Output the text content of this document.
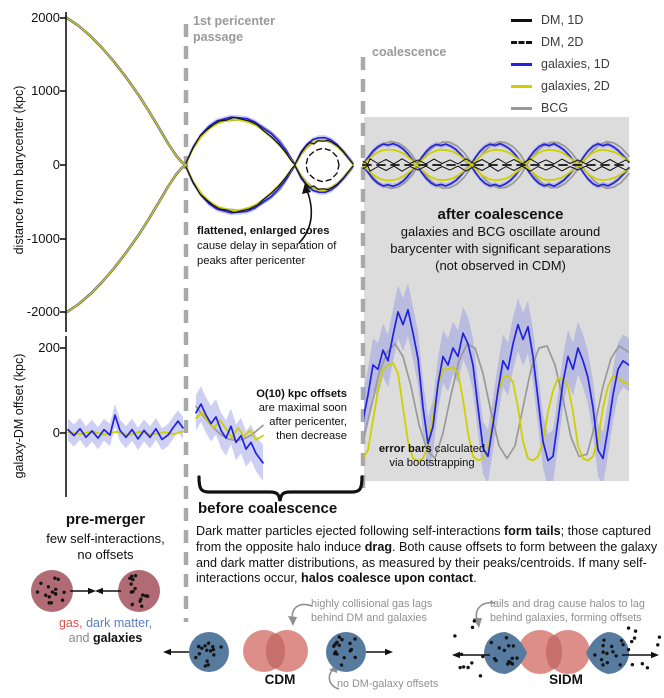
distance from barycenter (kpc)
galaxy-DM offset (kpc)
DM, 1D
DM, 2D
galaxies, 1D
galaxies, 2D
BCG
1st pericenter
passage
coalescence
after coalescence
galaxies and BCG oscillate around barycenter with significant separations (not observed in CDM)
flattened, enlarged cores cause delay in separation of peaks after pericenter
O(10) kpc offsets
are maximal soon
after pericenter,
then decrease
error bars calculated
via bootstrapping
before coalescence
Dark matter particles ejected following self-interactions form tails; those captured from the opposite halo induce drag. Both cause offsets to form between the galaxy and dark matter distributions, as measured by their peaks/centroids. If many self-interactions occur, halos coalesce upon contact.
pre-merger
few self-interactions,
no offsets
gas, dark matter,
and galaxies
highly collisional gas lags
behind DM and galaxies
no DM-galaxy offsets
tails and drag cause halos to lag
behind galaxies, forming offsets
CDM	SIDM
2000
1000
0
-1000
-2000
200
0
